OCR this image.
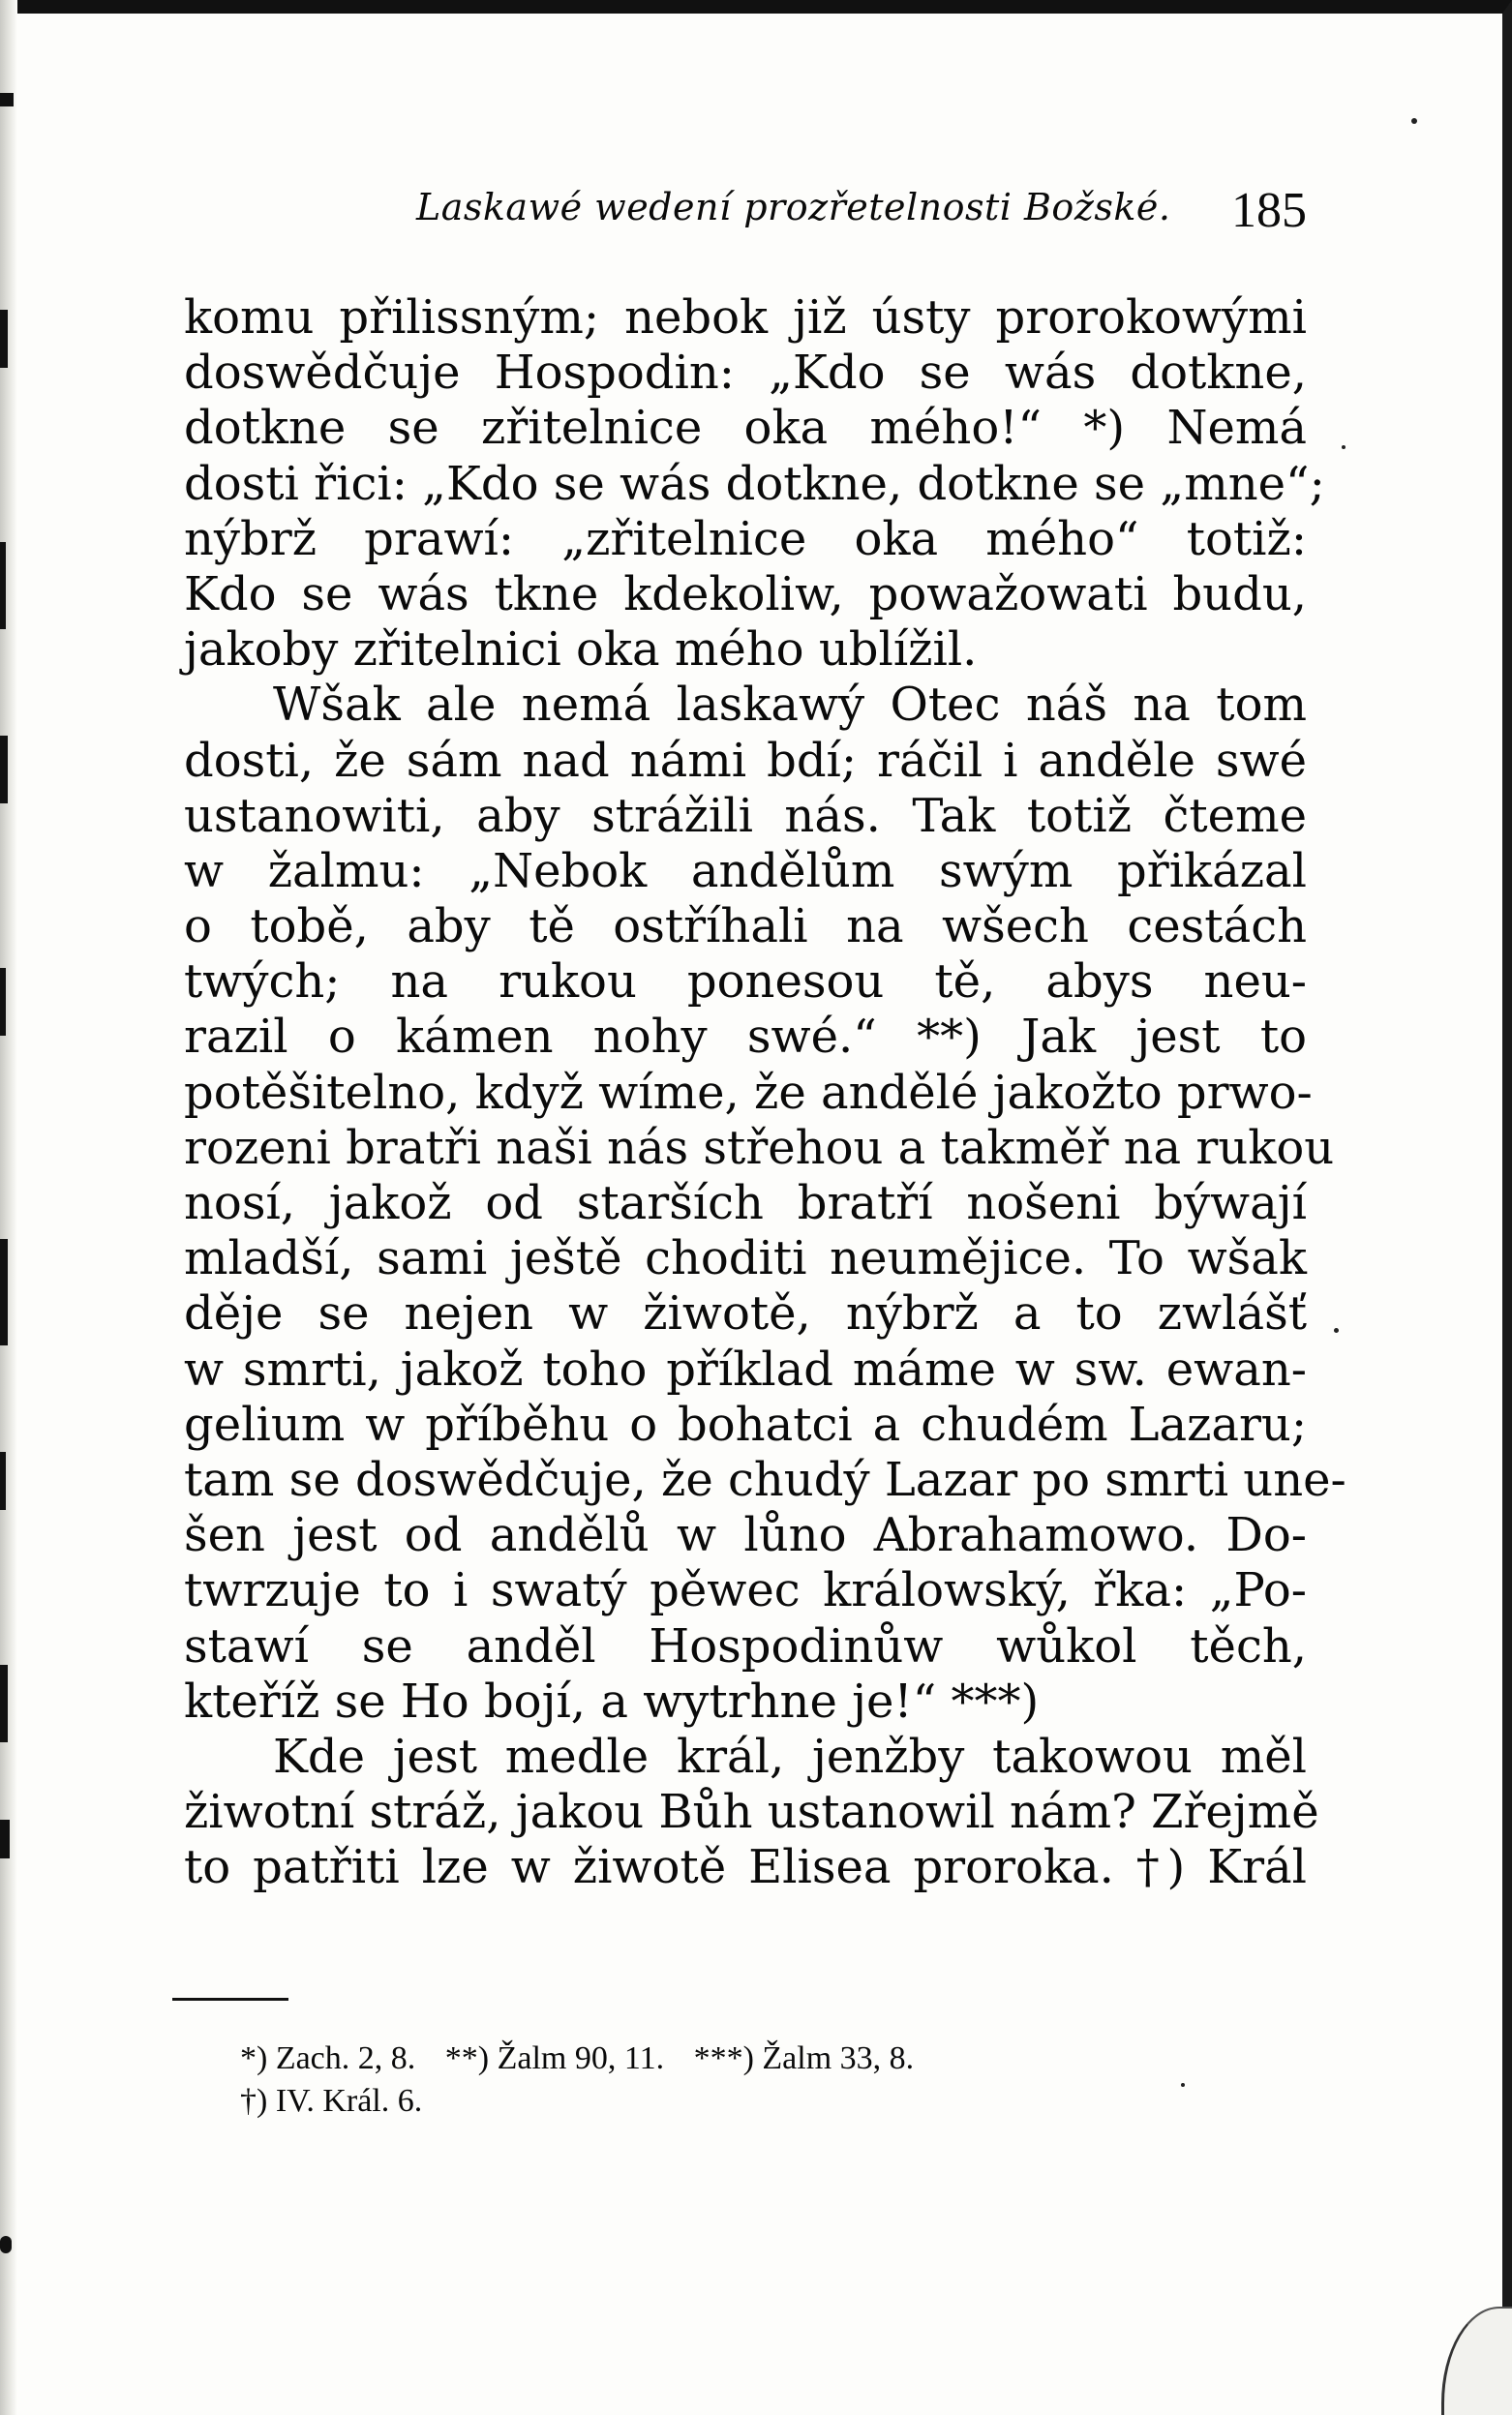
Laskawé wedení prozřetelnosti Božské. 185
komu přilissným; nebok již ústy prorokowými
doswědčuje Hospodin: „Kdo se wás dotkne,
dotkne se zřitelnice oka mého!“ *) Nemá
dosti řici: „Kdo se wás dotkne, dotkne se „mne“;
nýbrž prawí: „zřitelnice oka mého“ totiž:
Kdo se wás tkne kdekoliw, powažowati budu,
jakoby zřitelnici oka mého ublížil.
Wšak ale nemá laskawý Otec náš na tom
dosti, že sám nad námi bdí; ráčil i anděle swé
ustanowiti, aby strážili nás. Tak totiž čteme
w žalmu: „Nebok andělům swým přikázal
o tobě, aby tě ostříhali na wšech cestách
twých; na rukou ponesou tě, abys neu-
razil o kámen nohy swé.“ **) Jak jest to
potěšitelno, když wíme, že andělé jakožto prwo-
rozeni bratři naši nás střehou a takměř na rukou
nosí, jakož od starších bratří nošeni býwají
mladší, sami ještě choditi neumějice. To wšak
děje se nejen w žiwotě, nýbrž a to zwlášť
w smrti, jakož toho příklad máme w sw. ewan-
gelium w příběhu o bohatci a chudém Lazaru;
tam se doswědčuje, že chudý Lazar po smrti une-
šen jest od andělů w lůno Abrahamowo. Do-
twrzuje to i swatý pěwec králowský, řka: „Po-
stawí se anděl Hospodinůw wůkol těch,
kteříž se Ho bojí, a wytrhne je!“ ***)
Kde jest medle král, jenžby takowou měl
žiwotní stráž, jakou Bůh ustanowil nám? Zřejmě
to patřiti lze w žiwotě Elisea proroka. †) Král
*) Zach. 2, 8. **) Žalm 90, 11. ***) Žalm 33, 8.
†) IV. Král. 6.
